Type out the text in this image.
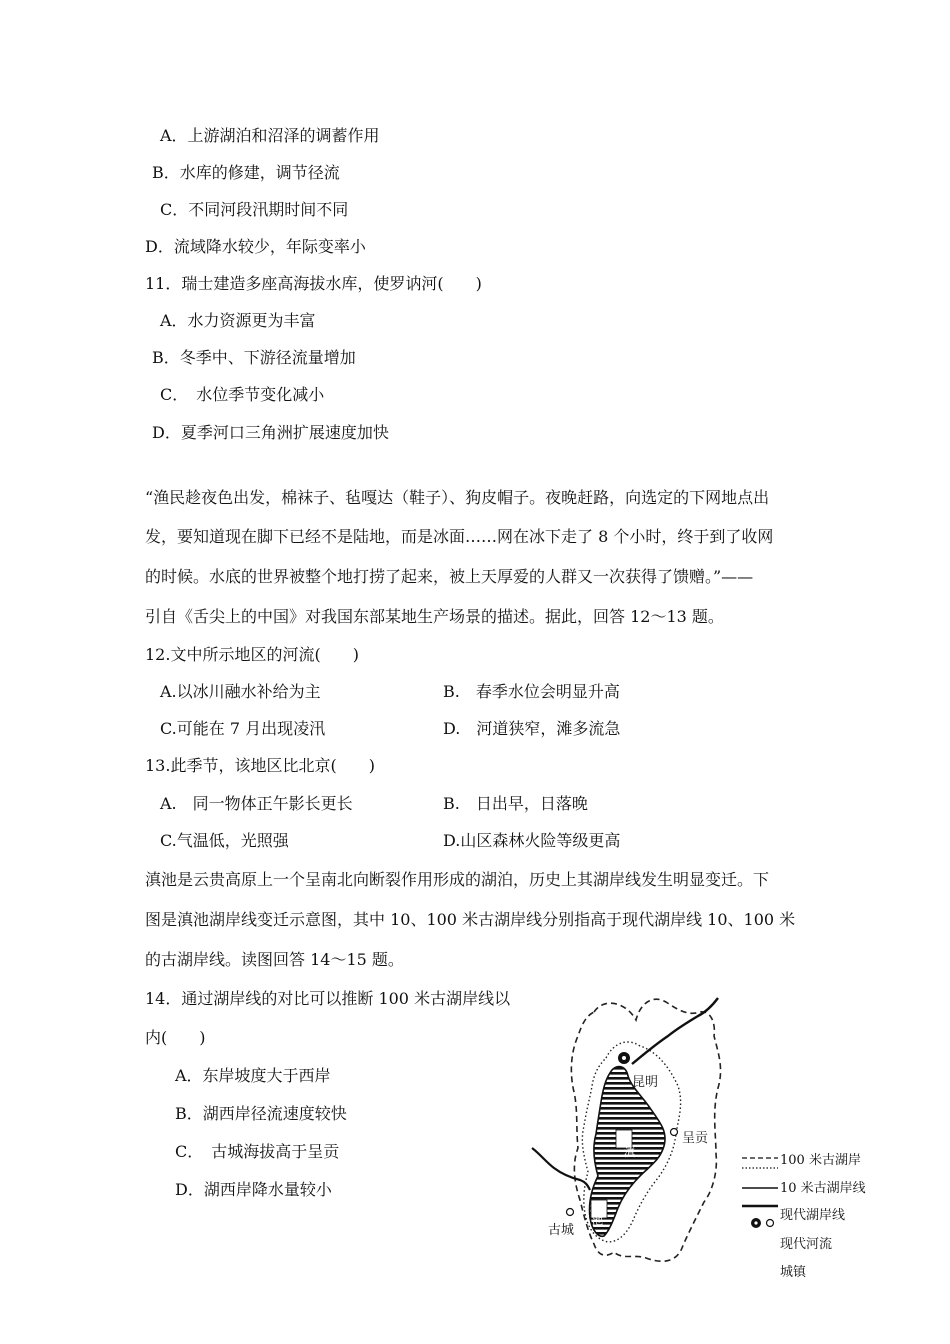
A．上游湖泊和沼泽的调蓄作用
B．水库的修建，调节径流
C．不同河段汛期时间不同
D．流域降水较少，年际变率小
11．瑞士建造多座高海拔水库，使罗讷河(　　)
A．水力资源更为丰富
B．冬季中、下游径流量增加
C．　水位季节变化减小
D．夏季河口三角洲扩展速度加快
“渔民趁夜色出发，棉袜子、毡嘎达（鞋子）、狗皮帽子。夜晚赶路，向选定的下网地点出
发，要知道现在脚下已经不是陆地，而是冰面……网在冰下走了 8 个小时，终于到了收网
的时候。水底的世界被整个地打捞了起来，被上天厚爱的人群又一次获得了馈赠。”——
引自《舌尖上的中国》对我国东部某地生产场景的描述。据此，回答 12～13 题。
12.文中所示地区的河流(　　)
A.以冰川融水补给为主	B.　春季水位会明显升高
C.可能在 7 月出现凌汛	D.　河道狭窄，滩多流急
13.此季节，该地区比北京(　　)
A.　同一物体正午影长更长	B.　日出早，日落晚
C.气温低，光照强	D.山区森林火险等级更高
滇池是云贵高原上一个呈南北向断裂作用形成的湖泊，历史上其湖岸线发生明显变迁。下
图是滇池湖岸线变迁示意图，其中 10、100 米古湖岸线分别指高于现代湖岸线 10、100 米
的古湖岸线。读图回答 14～15 题。
14．通过湖岸线的对比可以推断 100 米古湖岸线以
内(　　)
A．东岸坡度大于西岸
B．湖西岸径流速度较快
C．　古城海拔高于呈贡
D．湖西岸降水量较小
滇
池
昆明
呈贡
古城
100 米古湖岸
10 米古湖岸线
现代湖岸线
现代河流
城镇
